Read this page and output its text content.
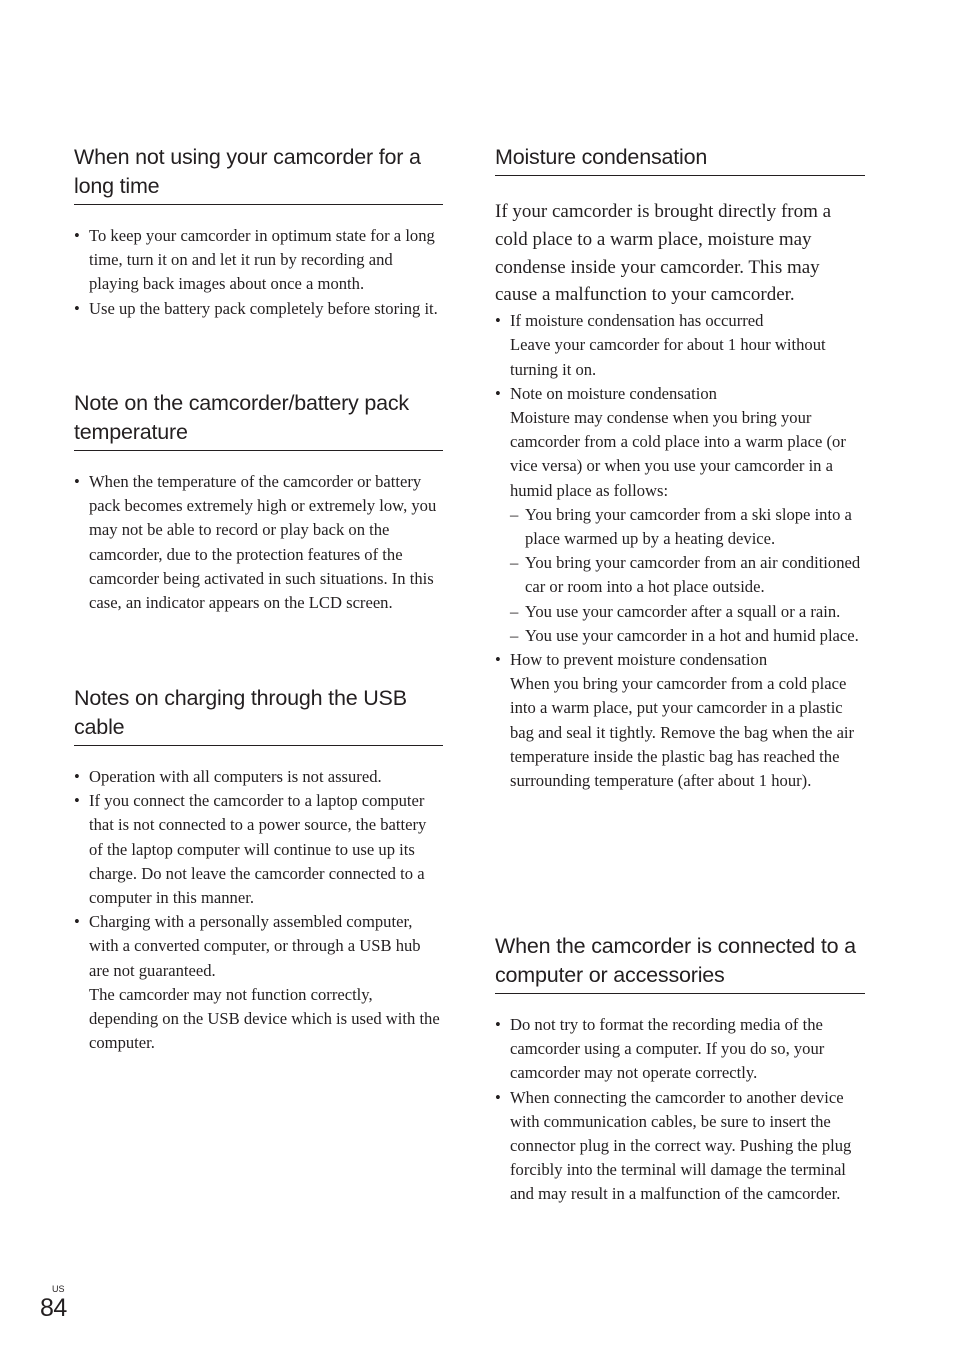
When not using your camcorder for a long time
• To keep your camcorder in optimum state for a long time, turn it on and let it run by recording and playing back images about once a month.
• Use up the battery pack completely before storing it.
Note on the camcorder/battery pack temperature
• When the temperature of the camcorder or battery pack becomes extremely high or extremely low, you may not be able to record or play back on the camcorder, due to the protection features of the camcorder being activated in such situations. In this case, an indicator appears on the LCD screen.
Notes on charging through the USB cable
• Operation with all computers is not assured.
• If you connect the camcorder to a laptop computer that is not connected to a power source, the battery of the laptop computer will continue to use up its charge. Do not leave the camcorder connected to a computer in this manner.
• Charging with a personally assembled computer, with a converted computer, or through a USB hub are not guaranteed.
The camcorder may not function correctly, depending on the USB device which is used with the computer.
Moisture condensation

If your camcorder is brought directly from a cold place to a warm place, moisture may condense inside your camcorder. This may cause a malfunction to your camcorder.

• If moisture condensation has occurred
Leave your camcorder for about 1 hour without turning it on.
• Note on moisture condensation
Moisture may condense when you bring your camcorder from a cold place into a warm place (or vice versa) or when you use your camcorder in a humid place as follows:
– You bring your camcorder from a ski slope into a place warmed up by a heating device.
– You bring your camcorder from an air conditioned car or room into a hot place outside.
– You use your camcorder after a squall or a rain.
– You use your camcorder in a hot and humid place.
• How to prevent moisture condensation
When you bring your camcorder from a cold place into a warm place, put your camcorder in a plastic bag and seal it tightly. Remove the bag when the air temperature inside the plastic bag has reached the surrounding temperature (after about 1 hour).
When the camcorder is connected to a computer or accessories
• Do not try to format the recording media of the camcorder using a computer. If you do so, your camcorder may not operate correctly.
• When connecting the camcorder to another device with communication cables, be sure to insert the connector plug in the correct way. Pushing the plug forcibly into the terminal will damage the terminal and may result in a malfunction of the camcorder.
US
84
